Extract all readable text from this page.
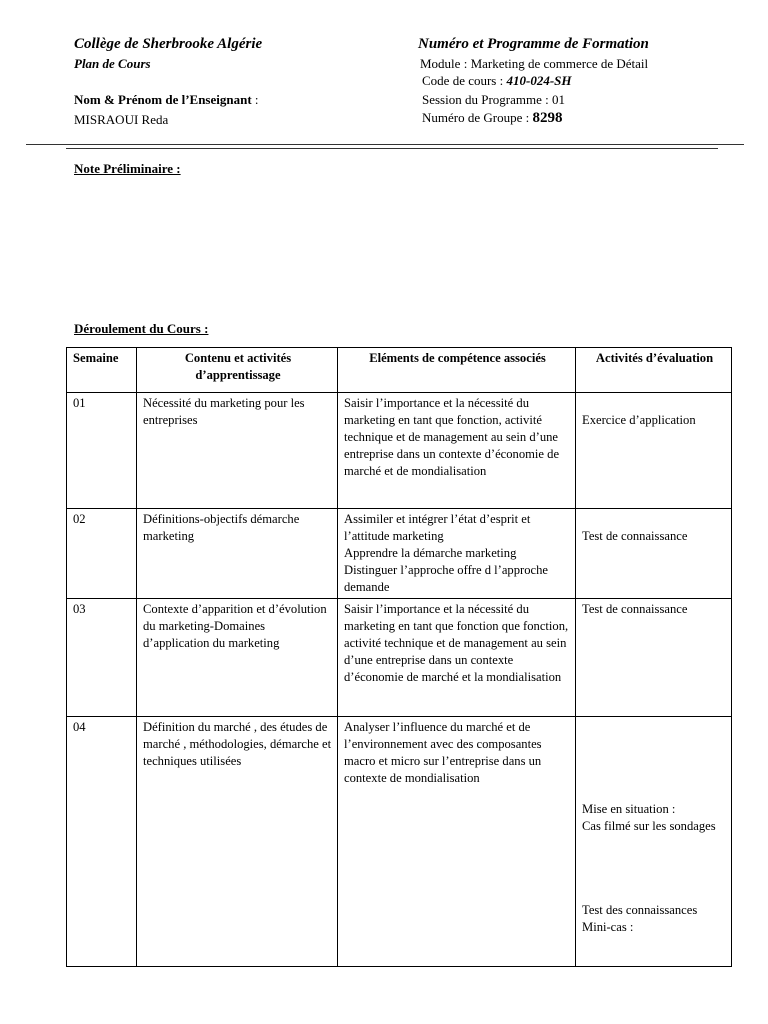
Collège de Sherbrooke Algérie
Plan de Cours
Nom & Prénom de l’Enseignant :
MISRAOUI Reda
Numéro et Programme de Formation
Module : Marketing de commerce de Détail
Code de cours : 410-024-SH
Session du Programme : 01
Numéro de Groupe : 8298
Note Préliminaire :
Déroulement du Cours :
Semaine	Contenu et activités d’apprentissage	Eléments de compétence associés	Activités d’évaluation
01	Nécessité du marketing pour les entreprises	Saisir l’importance et la nécessité du marketing en tant que fonction, activité technique et de management au sein d’une entreprise dans un contexte d’économie de marché et de mondialisation	Exercice d’application
02	Définitions-objectifs démarche marketing	Assimiler et intégrer l’état d’esprit et l’attitude marketing
Apprendre la démarche marketing
Distinguer l’approche offre d l’approche demande	Test de connaissance
03	Contexte d’apparition et d’évolution du marketing-Domaines d’application du marketing	Saisir l’importance et la nécessité du marketing en tant que fonction que fonction, activité technique et de management au sein d’une entreprise dans un contexte d’économie de marché et la mondialisation	Test de connaissance
04	Définition du marché , des études de marché , méthodologies, démarche et techniques utilisées	Analyser l’influence du marché et de l’environnement avec des composantes macro et micro sur l’entreprise dans un contexte de mondialisation	Mise en situation :
Cas filmé sur les sondages
Test des connaissances
Mini-cas :
